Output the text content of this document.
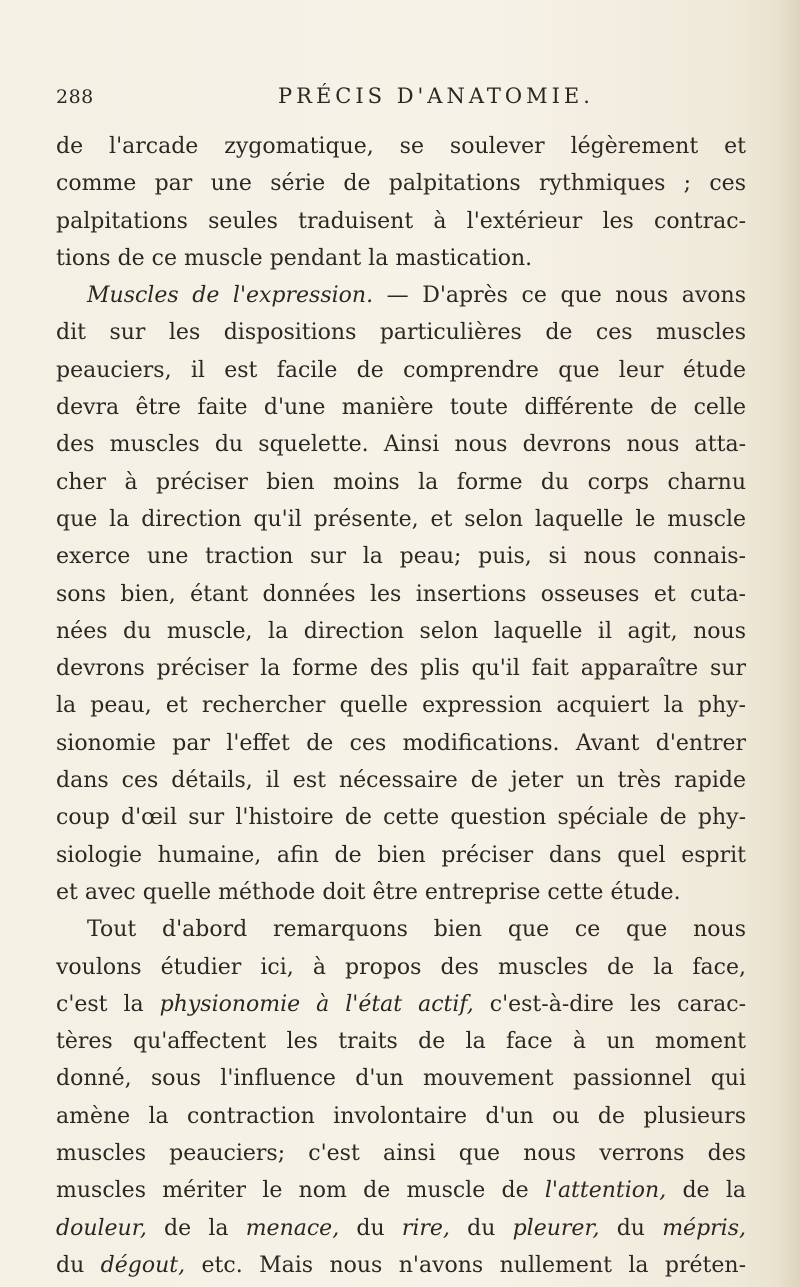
288	PRÉCIS D'ANATOMIE.
de l'arcade zygomatique, se soulever légèrement et
comme par une série de palpitations rythmiques ; ces
palpitations seules traduisent à l'extérieur les contrac-
tions de ce muscle pendant la mastication.
Muscles de l'expression. — D'après ce que nous avons
dit sur les dispositions particulières de ces muscles
peauciers, il est facile de comprendre que leur étude
devra être faite d'une manière toute différente de celle
des muscles du squelette. Ainsi nous devrons nous atta-
cher à préciser bien moins la forme du corps charnu
que la direction qu'il présente, et selon laquelle le muscle
exerce une traction sur la peau; puis, si nous connais-
sons bien, étant données les insertions osseuses et cuta-
nées du muscle, la direction selon laquelle il agit, nous
devrons préciser la forme des plis qu'il fait apparaître sur
la peau, et rechercher quelle expression acquiert la phy-
sionomie par l'effet de ces modifications. Avant d'entrer
dans ces détails, il est nécessaire de jeter un très rapide
coup d'œil sur l'histoire de cette question spéciale de phy-
siologie humaine, afin de bien préciser dans quel esprit
et avec quelle méthode doit être entreprise cette étude.
Tout d'abord remarquons bien que ce que nous
voulons étudier ici, à propos des muscles de la face,
c'est la physionomie à l'état actif, c'est-à-dire les carac-
tères qu'affectent les traits de la face à un moment
donné, sous l'influence d'un mouvement passionnel qui
amène la contraction involontaire d'un ou de plusieurs
muscles peauciers; c'est ainsi que nous verrons des
muscles mériter le nom de muscle de l'attention, de la
douleur, de la menace, du rire, du pleurer, du mépris,
du dégout, etc. Mais nous n'avons nullement la préten-
